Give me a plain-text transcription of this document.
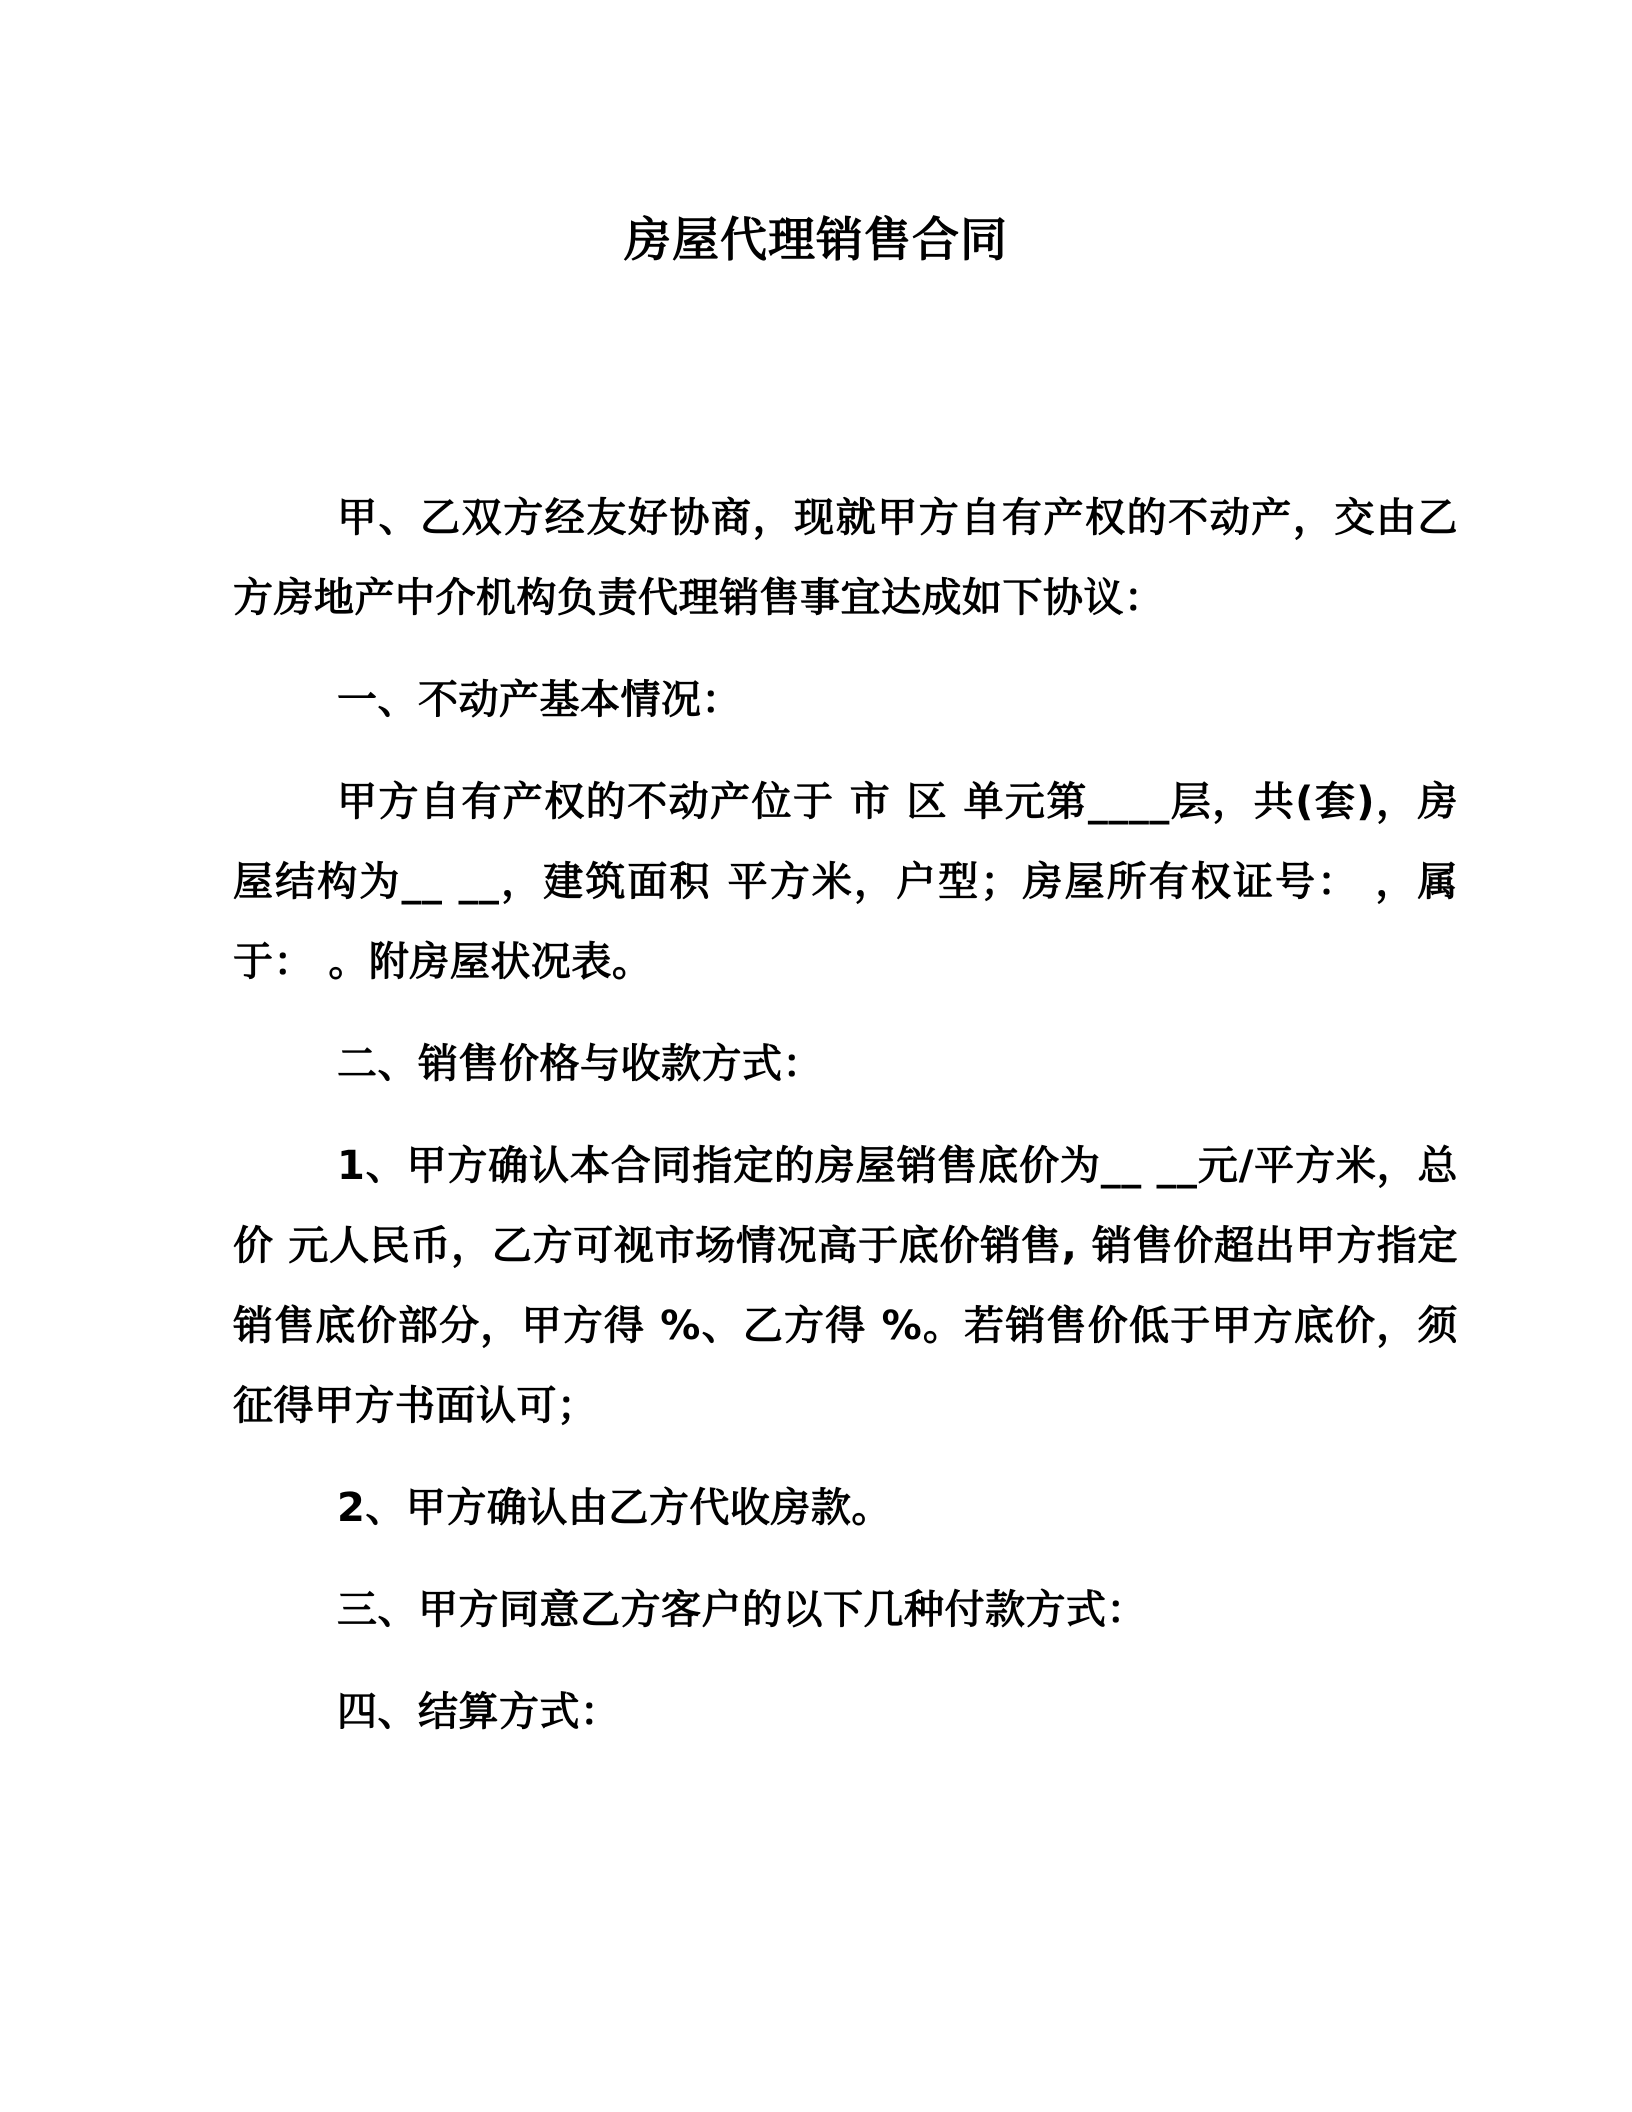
房屋代理销售合同

甲、乙双方经友好协商，现就甲方自有产权的不动产，交由乙方房地产中介机构负责代理销售事宜达成如下协议：

一、不动产基本情况：

甲方自有产权的不动产位于 市 区 单元第____层，共(套)，房屋结构为__ __，建筑面积 平方米，户型；房屋所有权证号： ，属于： 。附房屋状况表。

二、销售价格与收款方式：

1、甲方确认本合同指定的房屋销售底价为__ __元/平方米，总价 元人民币，乙方可视市场情况高于底价销售, 销售价超出甲方指定销售底价部分，甲方得 %、乙方得 %。若销售价低于甲方底价，须征得甲方书面认可；

2、甲方确认由乙方代收房款。

三、甲方同意乙方客户的以下几种付款方式：

四、结算方式：
